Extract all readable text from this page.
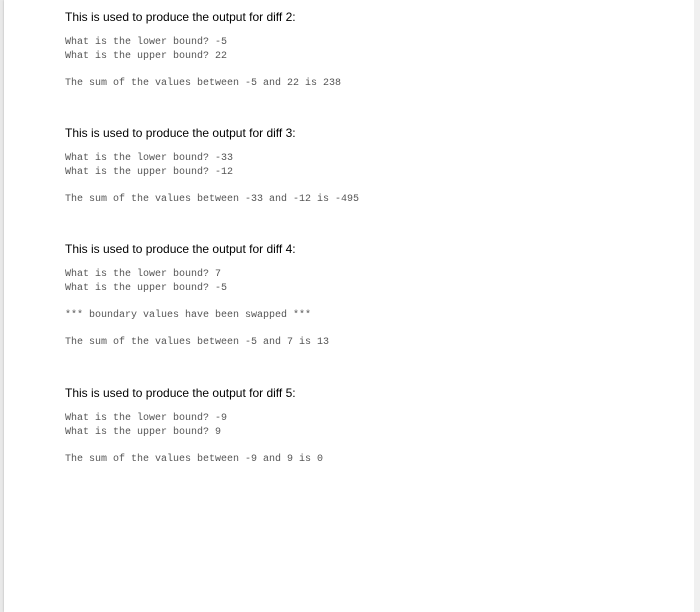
This is used to produce the output for diff 2:
What is the lower bound? -5
What is the upper bound? 22
The sum of the values between -5 and 22 is 238
This is used to produce the output for diff 3:
What is the lower bound? -33
What is the upper bound? -12
The sum of the values between -33 and -12 is -495
This is used to produce the output for diff 4:
What is the lower bound? 7
What is the upper bound? -5
*** boundary values have been swapped ***
The sum of the values between -5 and 7 is 13
This is used to produce the output for diff 5:
What is the lower bound? -9
What is the upper bound? 9
The sum of the values between -9 and 9 is 0
